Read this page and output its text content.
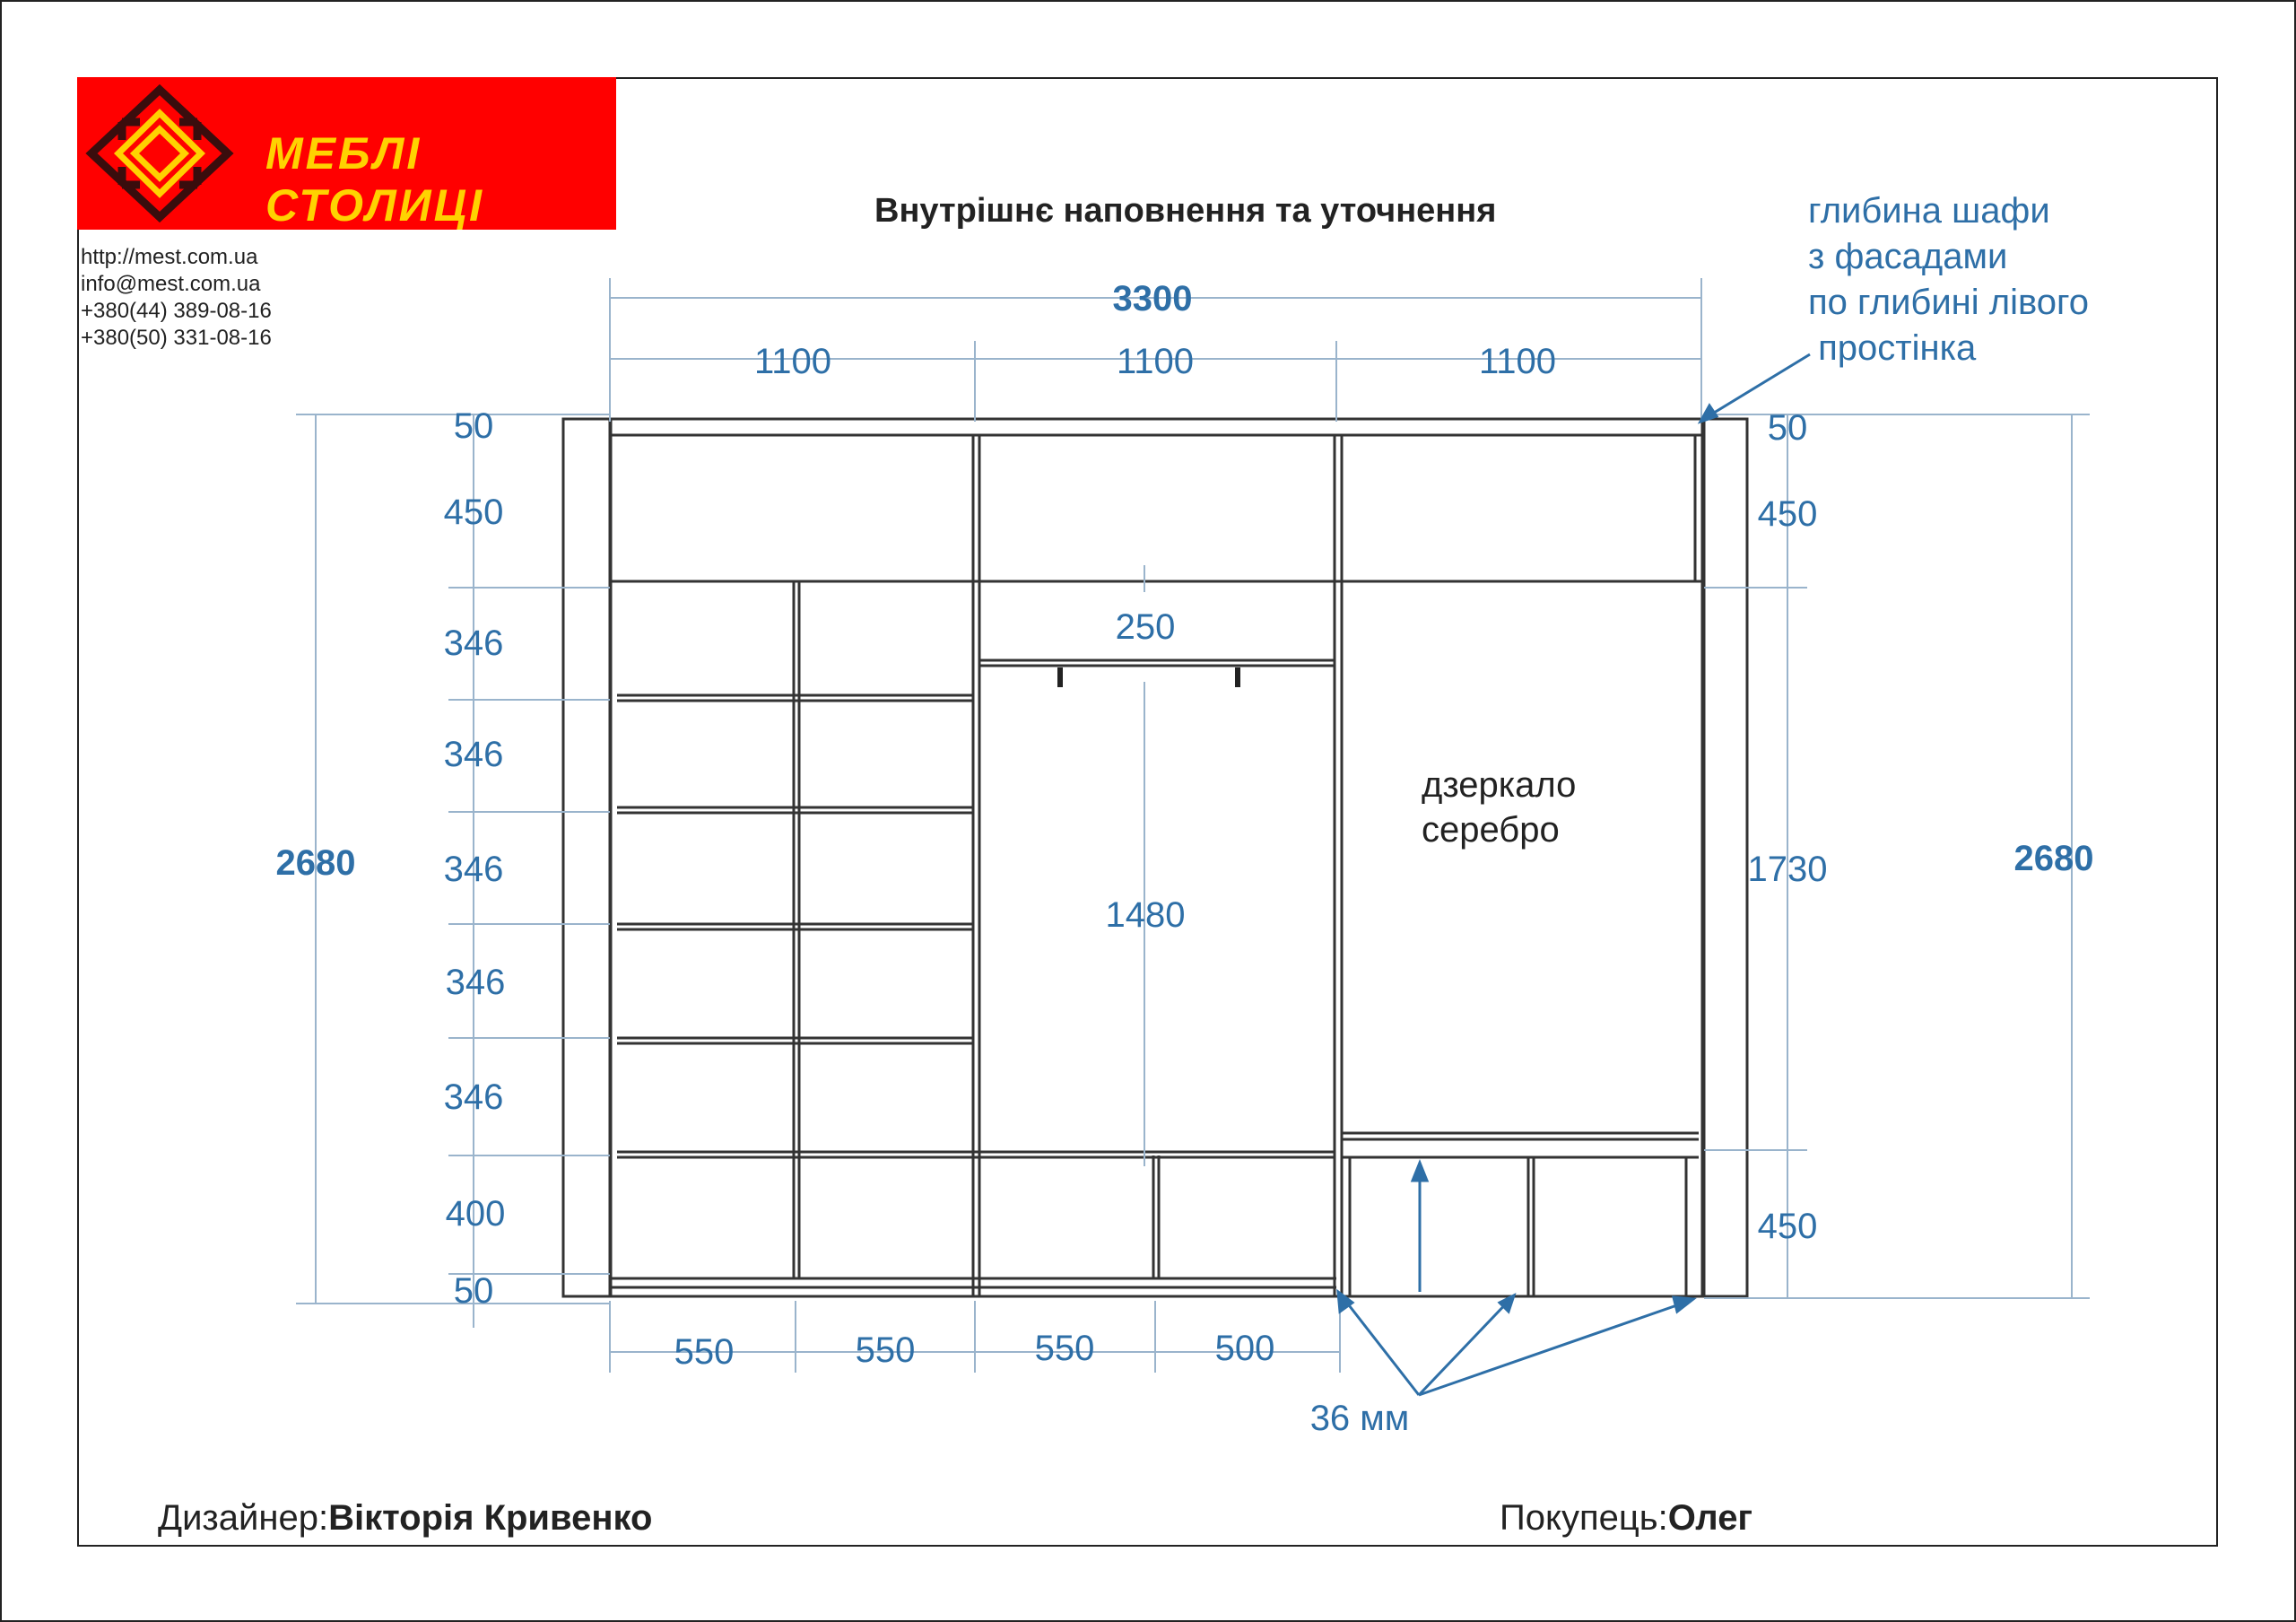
МЕБЛІ СТОЛИЦІ
http://mest.com.ua
info@mest.com.ua
+380(44) 389-08-16
+380(50) 331-08-16
Внутрішнє наповнення та уточнення	глибина шафи
з фасадами
по глибині лівого
простінка
3300
1100	1100	1100
2680	2680
50
450
346
346
346
346
346
400
50
50
450
1730
450
250
1480
550	550	550	500
36 мм
дзеркало
серебро
Дизайнер:Вікторія Кривенко	Покупець:Олег
